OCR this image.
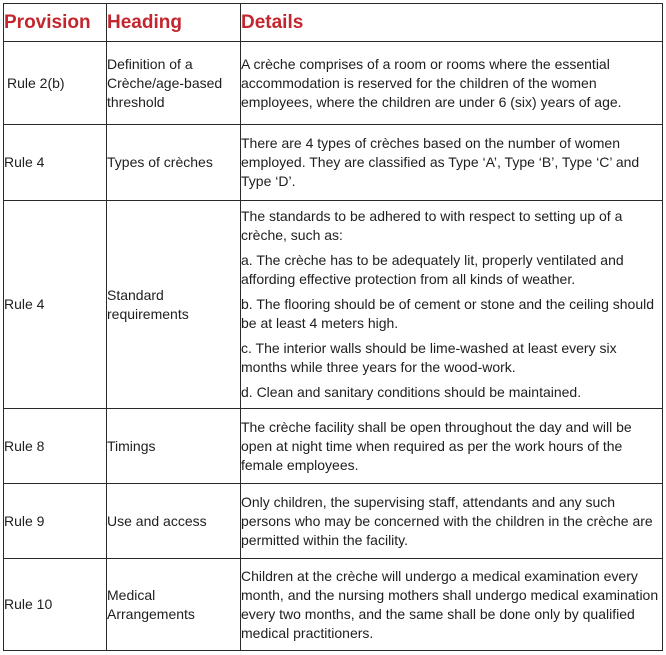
Provision	Heading	Details
Rule 2(b)	Definition of a Crèche/age-based threshold	A crèche comprises of a room or rooms where the essential accommodation is reserved for the children of the women employees, where the children are under 6 (six) years of age.

Rule 4	Types of crèches	There are 4 types of crèches based on the number of women employed. They are classified as Type ‘A’, Type ‘B’, Type ‘C’ and Type ‘D’.

Rule 4	Standard requirements	The standards to be adhered to with respect to setting up of a crèche, such as:

a. The crèche has to be adequately lit, properly ventilated and affording effective protection from all kinds of weather.

b. The flooring should be of cement or stone and the ceiling should be at least 4 meters high.

c. The interior walls should be lime-washed at least every six months while three years for the wood-work.

d. Clean and sanitary conditions should be maintained.

Rule 8	Timings	The crèche facility shall be open throughout the day and will be open at night time when required as per the work hours of the female employees.

Rule 9	Use and access	Only children, the supervising staff, attendants and any such persons who may be concerned with the children in the crèche are permitted within the facility.

Rule 10	Medical Arrangements	Children at the crèche will undergo a medical examination every month, and the nursing mothers shall undergo medical examination every two months, and the same shall be done only by qualified medical practitioners.
